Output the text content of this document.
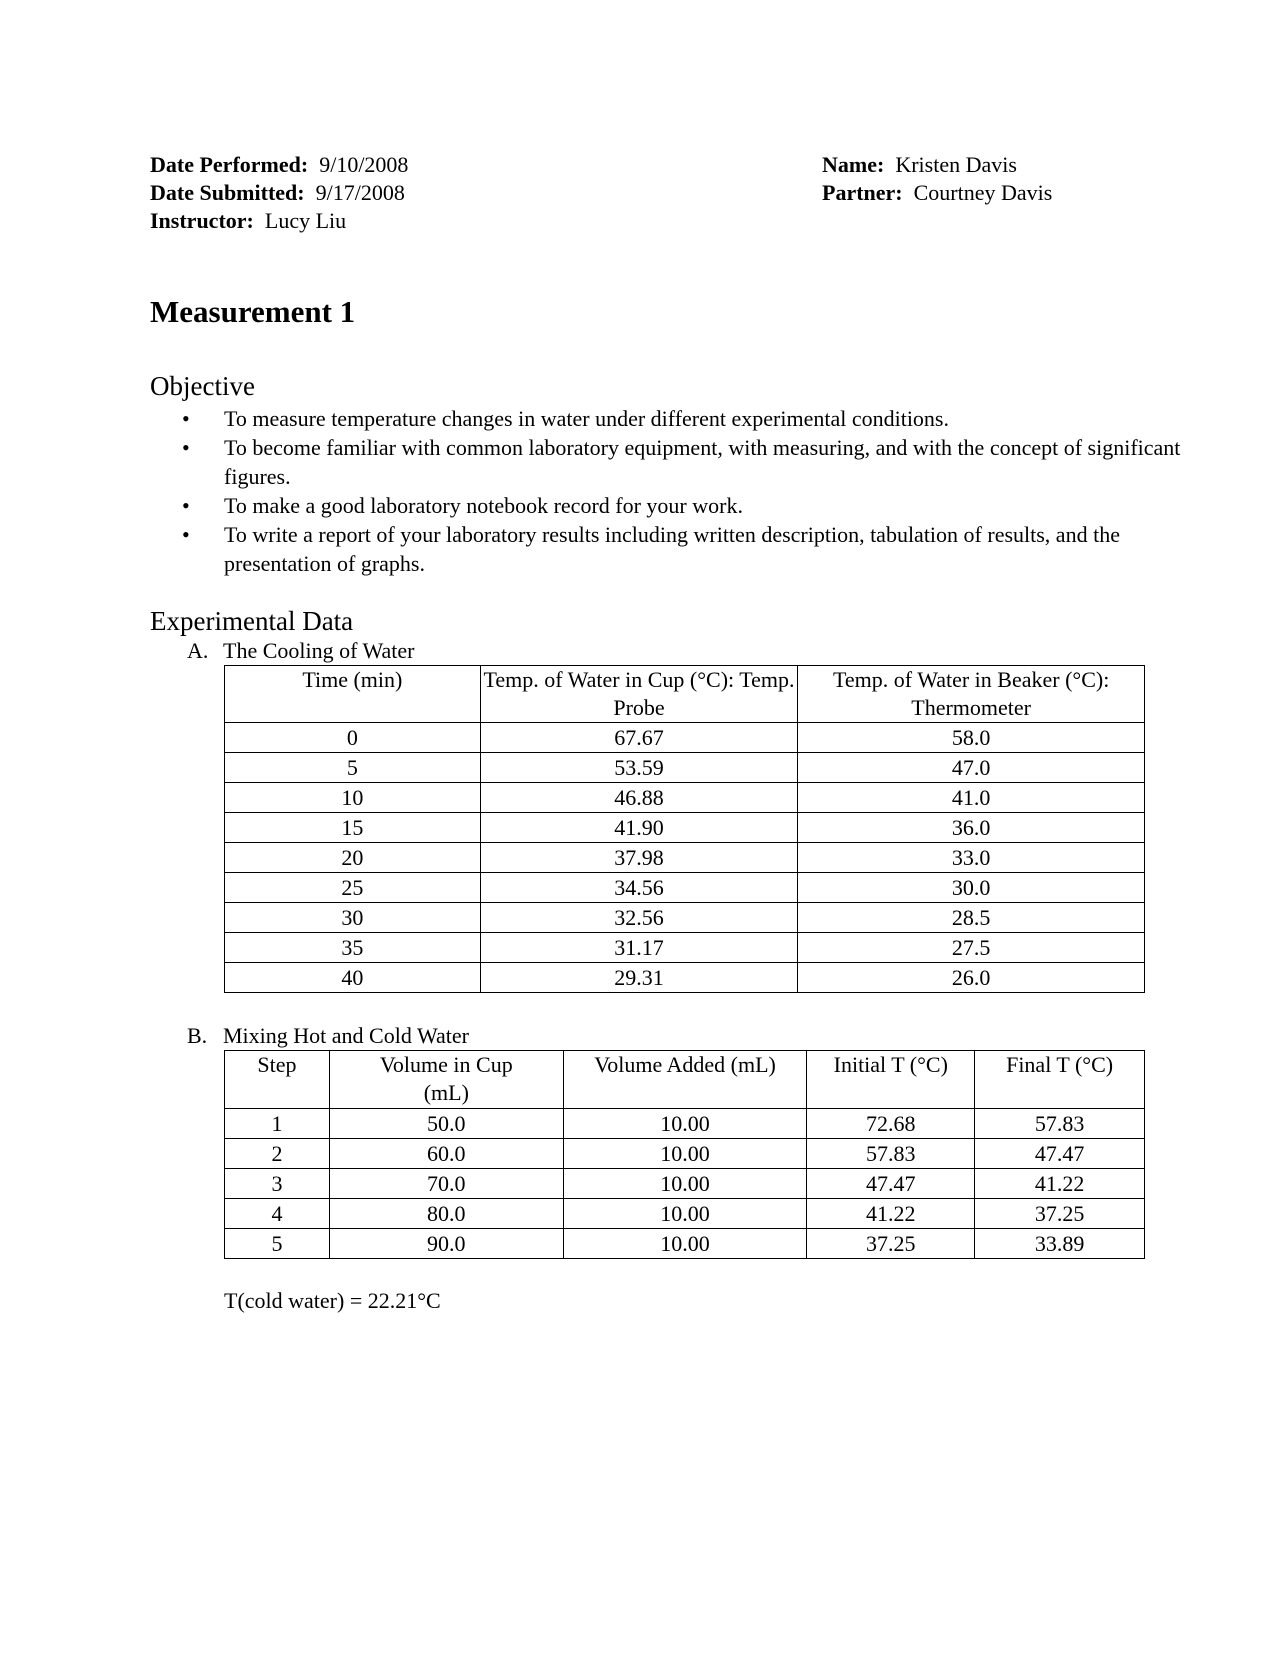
Date Performed: 9/10/2008
Date Submitted: 9/17/2008
Instructor: Lucy Liu
Name: Kristen Davis
Partner: Courtney Davis
Measurement 1
Objective
• To measure temperature changes in water under different experimental conditions.
• To become familiar with common laboratory equipment, with measuring, and with the concept of significant figures.
• To make a good laboratory notebook record for your work.
• To write a report of your laboratory results including written description, tabulation of results, and the presentation of graphs.
Experimental Data
A. The Cooling of Water
Time (min)	Temp. of Water in Cup (°C): Temp. Probe	Temp. of Water in Beaker (°C): Thermometer
0	67.67	58.0
5	53.59	47.0
10	46.88	41.0
15	41.90	36.0
20	37.98	33.0
25	34.56	30.0
30	32.56	28.5
35	31.17	27.5
40	29.31	26.0
B. Mixing Hot and Cold Water
Step	Volume in Cup (mL)	Volume Added (mL)	Initial T (°C)	Final T (°C)
1	50.0	10.00	72.68	57.83
2	60.0	10.00	57.83	47.47
3	70.0	10.00	47.47	41.22
4	80.0	10.00	41.22	37.25
5	90.0	10.00	37.25	33.89
T(cold water) = 22.21°C
